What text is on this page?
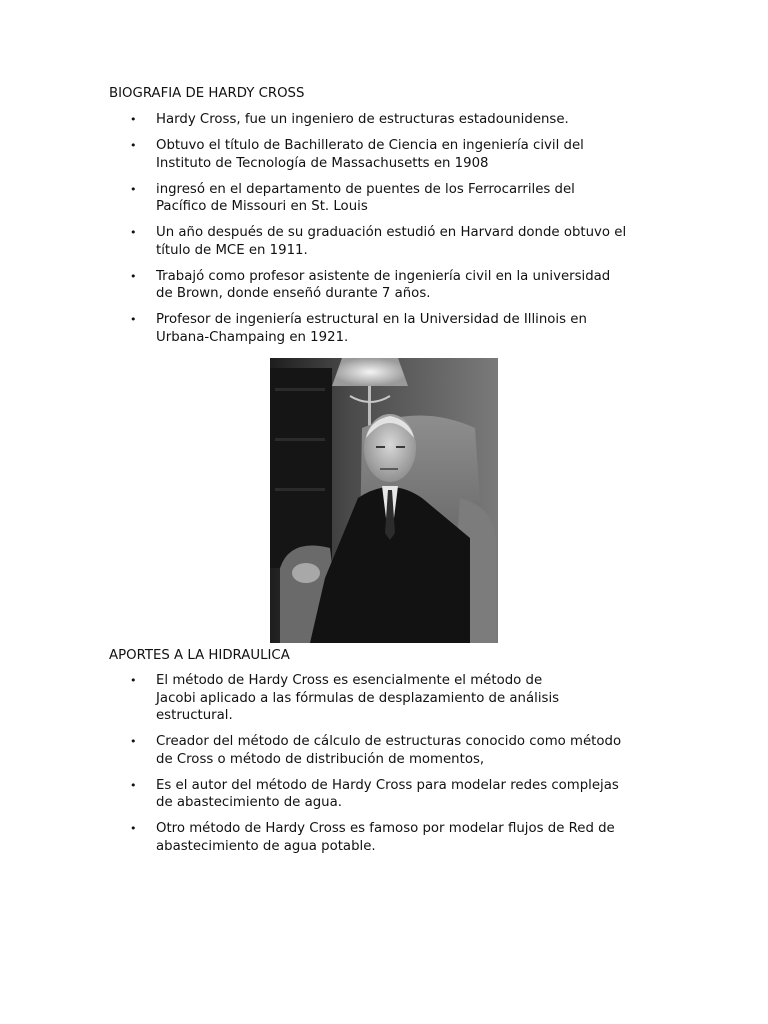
BIOGRAFIA DE HARDY CROSS
• Hardy Cross, fue un ingeniero de estructuras estadounidense.
• Obtuvo el título de Bachillerato de Ciencia en ingeniería civil del
Instituto de Tecnología de Massachusetts en 1908
• ingresó en el departamento de puentes de los Ferrocarriles del
Pacífico de Missouri en St. Louis
• Un año después de su graduación estudió en Harvard donde obtuvo el
título de MCE en 1911.
• Trabajó como profesor asistente de ingeniería civil en la universidad
de Brown, donde enseñó durante 7 años.
• Profesor de ingeniería estructural en la Universidad de Illinois en
Urbana-Champaing en 1921.
APORTES A LA HIDRAULICA
• El método de Hardy Cross es esencialmente el método de
Jacobi aplicado a las fórmulas de desplazamiento de análisis
estructural.
• Creador del método de cálculo de estructuras conocido como método
de Cross o método de distribución de momentos,
• Es el autor del método de Hardy Cross para modelar redes complejas
de abastecimiento de agua.
• Otro método de Hardy Cross es famoso por modelar flujos de Red de
abastecimiento de agua potable.
